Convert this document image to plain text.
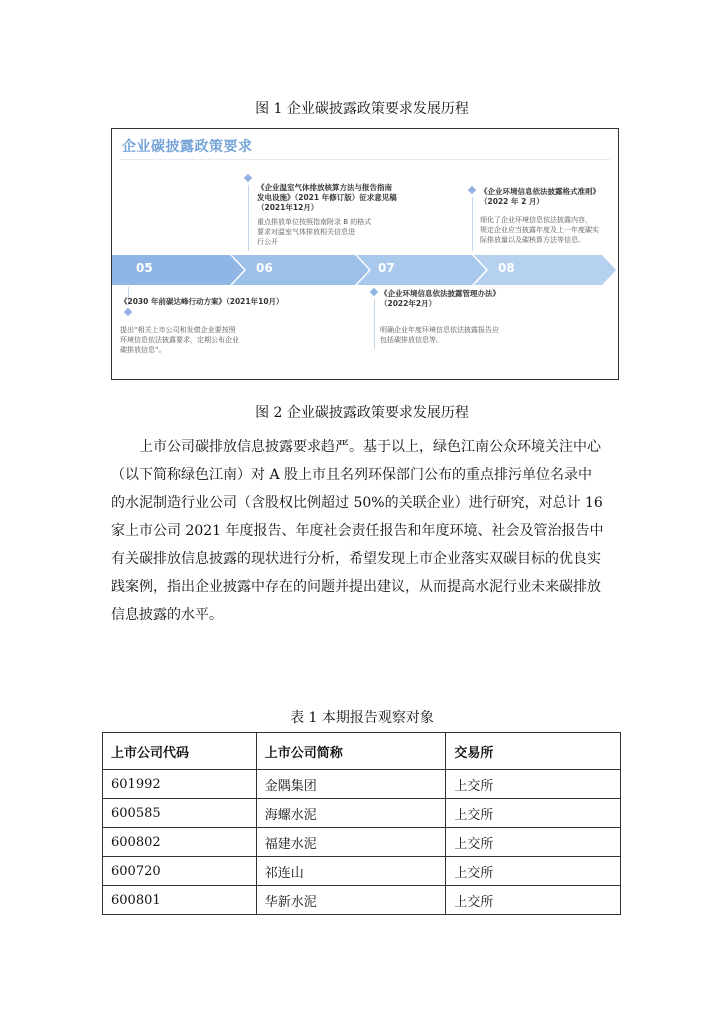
图 1 企业碳披露政策要求发展历程
企业碳披露政策要求
05	06	07	08
《2030 年前碳达峰行动方案》（2021年10月）
提出“相关上市公司和发债企业要按照
环境信息依法披露要求，定期公布企业
碳排放信息”。
《企业温室气体排放核算方法与报告指南
发电设施》（2021 年修订版）征求意见稿
（2021年12月）
重点排放单位按照指南附录 B 的格式
要求对温室气体排放相关信息进
行公开
《企业环境信息依法披露管理办法》
（2022年2月）
明确企业年度环境信息依法披露报告应
包括碳排放信息等。
《企业环境信息依法披露格式准则》
（2022 年 2 月）
细化了企业环境信息依法披露内容，
规定企业应当披露年度及上一年度碳实
际排放量以及碳核算方法等信息。
图 2 企业碳披露政策要求发展历程

上市公司碳排放信息披露要求趋严。基于以上，绿色江南公众环境关注中心

（以下简称绿色江南）对 A 股上市且名列环保部门公布的重点排污单位名录中

的水泥制造行业公司（含股权比例超过 50%的关联企业）进行研究，对总计 16

家上市公司 2021 年度报告、年度社会责任报告和年度环境、社会及管治报告中

有关碳排放信息披露的现状进行分析，希望发现上市企业落实双碳目标的优良实

践案例，指出企业披露中存在的问题并提出建议，从而提高水泥行业未来碳排放

信息披露的水平。

表 1 本期报告观察对象
上市公司代码	上市公司简称	交易所
601992	金隅集团	上交所
600585	海螺水泥	上交所
600802	福建水泥	上交所
600720	祁连山	上交所
600801	华新水泥	上交所
